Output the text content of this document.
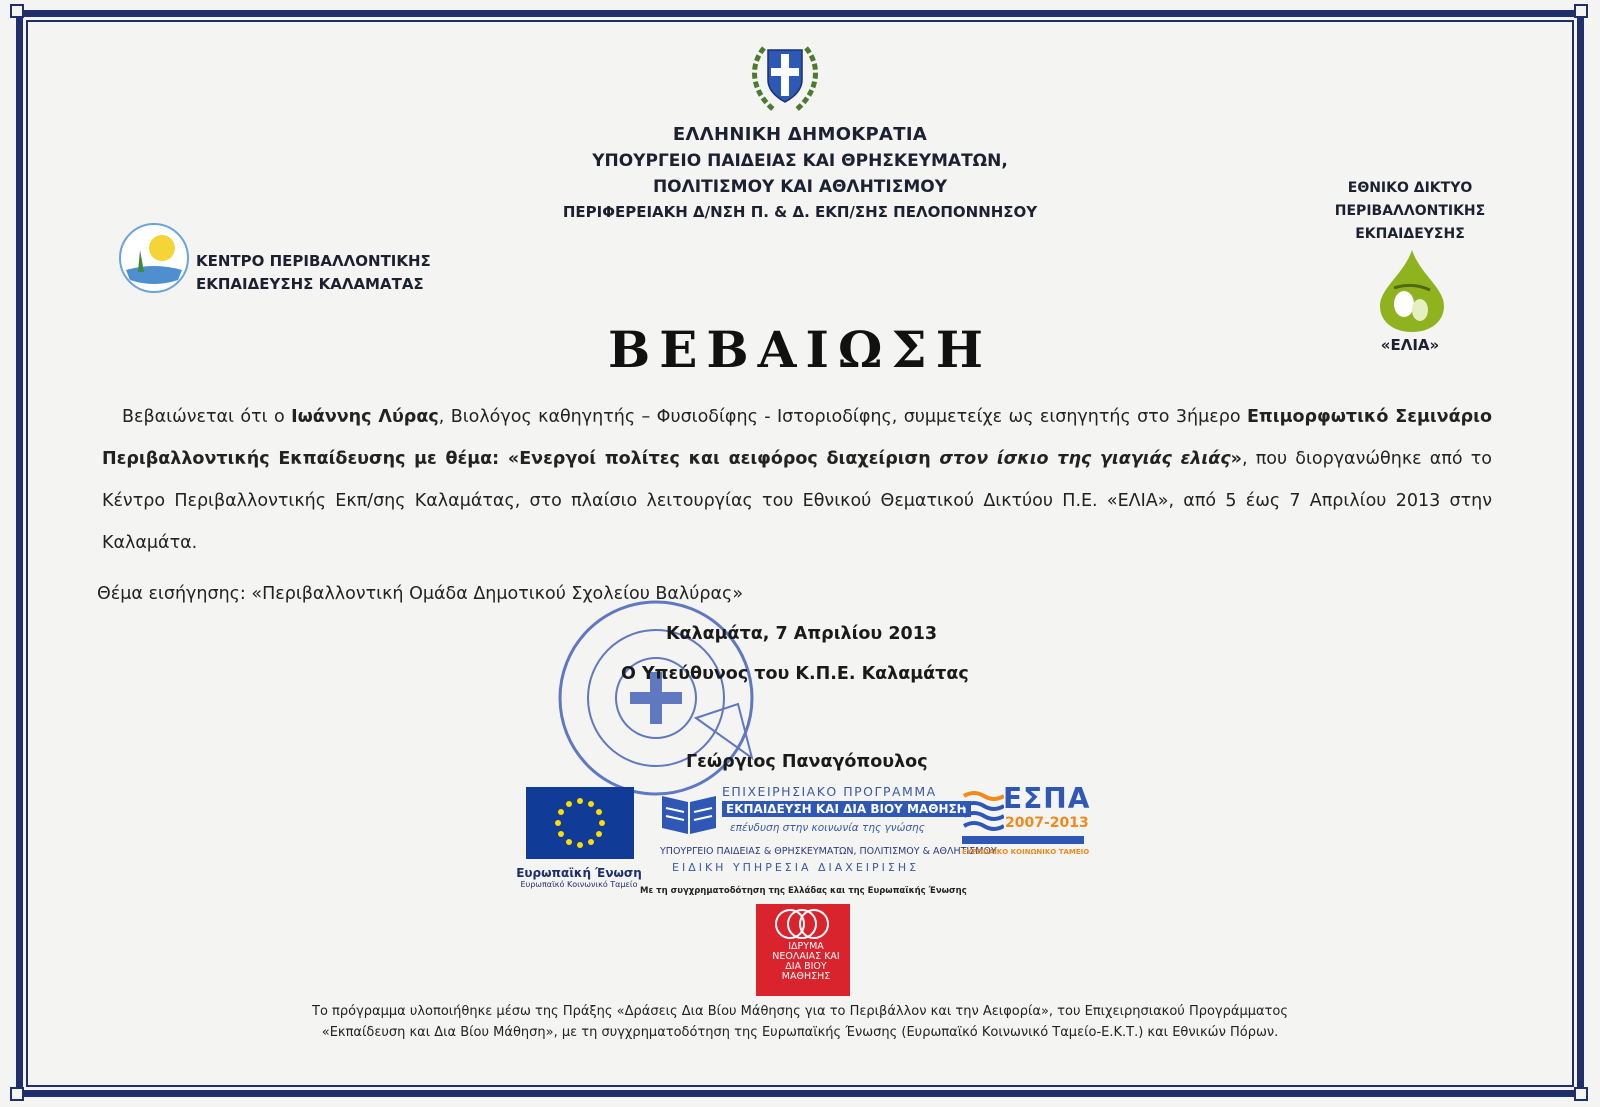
ΕΛΛΗΝΙΚΗ ΔΗΜΟΚΡΑΤΙΑ
ΥΠΟΥΡΓΕΙΟ ΠΑΙΔΕΙΑΣ ΚΑΙ ΘΡΗΣΚΕΥΜΑΤΩΝ,
ΠΟΛΙΤΙΣΜΟΥ ΚΑΙ ΑΘΛΗΤΙΣΜΟΥ
ΠΕΡΙΦΕΡΕΙΑΚΗ Δ/ΝΣΗ Π. & Δ. ΕΚΠ/ΣΗΣ ΠΕΛΟΠΟΝΝΗΣΟΥ
ΚΕΝΤΡΟ ΠΕΡΙΒΑΛΛΟΝΤΙΚΗΣ
ΕΚΠΑΙΔΕΥΣΗΣ ΚΑΛΑΜΑΤΑΣ
ΕΘΝΙΚΟ ΔΙΚΤΥΟ
ΠΕΡΙΒΑΛΛΟΝΤΙΚΗΣ
ΕΚΠΑΙΔΕΥΣΗΣ
«ΕΛΙΑ»
ΒΕΒΑΙΩΣΗ
Βεβαιώνεται ότι ο Ιωάννης Λύρας, Βιολόγος καθηγητής – Φυσιοδίφης - Ιστοριοδίφης, συμμετείχε ως εισηγητής στο 3ήμερο Επιμορφωτικό Σεμινάριο Περιβαλλοντικής Εκπαίδευσης με θέμα: «Ενεργοί πολίτες και αειφόρος διαχείριση στον ίσκιο της γιαγιάς ελιάς», που διοργανώθηκε από το Κέντρο Περιβαλλοντικής Εκπ/σης Καλαμάτας, στο πλαίσιο λειτουργίας του Εθνικού Θεματικού Δικτύου Π.Ε. «ΕΛΙΑ», από 5 έως 7 Απριλίου 2013 στην Καλαμάτα.
Θέμα εισήγησης: «Περιβαλλοντική Ομάδα Δημοτικού Σχολείου Βαλύρας»
Καλαμάτα, 7 Απριλίου 2013
Ο Υπεύθυνος του Κ.Π.Ε. Καλαμάτας
Γεώργιος Παναγόπουλος
Ευρωπαϊκή Ένωση
Ευρωπαϊκό Κοινωνικό Ταμείο
ΕΠΙΧΕΙΡΗΣΙΑΚΟ ΠΡΟΓΡΑΜΜΑ
ΕΚΠΑΙΔΕΥΣΗ ΚΑΙ ΔΙΑ ΒΙΟΥ ΜΑΘΗΣΗ
επένδυση στην κοινωνία της γνώσης
ΥΠΟΥΡΓΕΙΟ ΠΑΙΔΕΙΑΣ & ΘΡΗΣΚΕΥΜΑΤΩΝ, ΠΟΛΙΤΙΣΜΟΥ & ΑΘΛΗΤΙΣΜΟΥ
ΕΙΔΙΚΗ ΥΠΗΡΕΣΙΑ ΔΙΑΧΕΙΡΙΣΗΣ
Με τη συγχρηματοδότηση της Ελλάδας και της Ευρωπαϊκής Ένωσης
ΕΣΠΑ
2007-2013
ΕΥΡΩΠΑΪΚΟ ΚΟΙΝΩΝΙΚΟ ΤΑΜΕΙΟ
ΙΔΡΥΜΑ ΝΕΟΛΑΙΑΣ ΚΑΙ ΔΙΑ ΒΙΟΥ ΜΑΘΗΣΗΣ
Το πρόγραμμα υλοποιήθηκε μέσω της Πράξης «Δράσεις Δια Βίου Μάθησης για το Περιβάλλον και την Αειφορία», του Επιχειρησιακού Προγράμματος
«Εκπαίδευση και Δια Βίου Μάθηση», με τη συγχρηματοδότηση της Ευρωπαϊκής Ένωσης (Ευρωπαϊκό Κοινωνικό Ταμείο-Ε.Κ.Τ.) και Εθνικών Πόρων.
